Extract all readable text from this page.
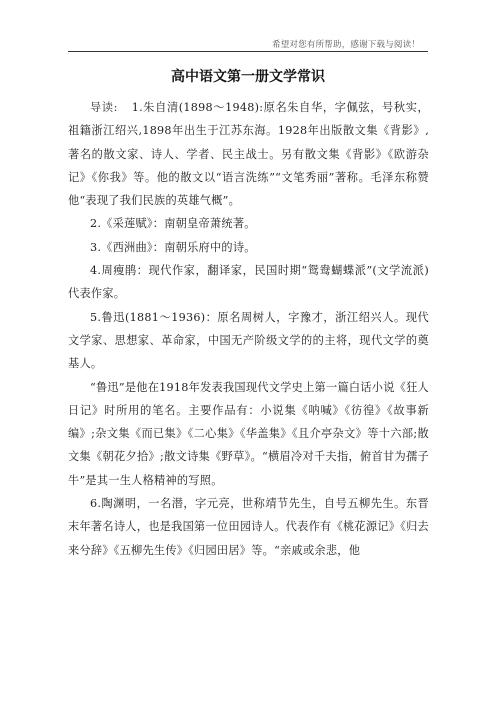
希望对您有所帮助，感谢下载与阅读！
高中语文第一册文学常识

导读: 1.朱自清(1898～1948):原名朱自华，字佩弦，号秋实，祖籍浙江绍兴,1898年出生于江苏东海。1928年出版散文集《背影》,著名的散文家、诗人、学者、民主战士。另有散文集《背影》《欧游杂记》《你我》等。他的散文以“语言洗练”“文笔秀丽”著称。毛泽东称赞他“表现了我们民族的英雄气概”。

2.《采莲赋》：南朝皇帝萧统著。

3.《西洲曲》：南朝乐府中的诗。

4.周瘦鹃：现代作家，翻译家，民国时期“鸳鸯蝴蝶派”(文学流派)代表作家。

5.鲁迅(1881～1936)：原名周树人，字豫才，浙江绍兴人。现代文学家、思想家、革命家，中国无产阶级文学的的主将，现代文学的奠基人。

“鲁迅”是他在1918年发表我国现代文学史上第一篇白话小说《狂人日记》时所用的笔名。主要作品有：小说集《呐喊》《彷徨》《故事新编》;杂文集《而已集》《二心集》《华盖集》《且介亭杂文》等十六部;散文集《朝花夕拾》;散文诗集《野草》。“横眉冷对千夫指，俯首甘为孺子牛”是其一生人格精神的写照。

6.陶渊明，一名潜，字元亮，世称靖节先生，自号五柳先生。东晋末年著名诗人，也是我国第一位田园诗人。代表作有《桃花源记》《归去来兮辞》《五柳先生传》《归园田居》等。“亲戚或余悲，他
